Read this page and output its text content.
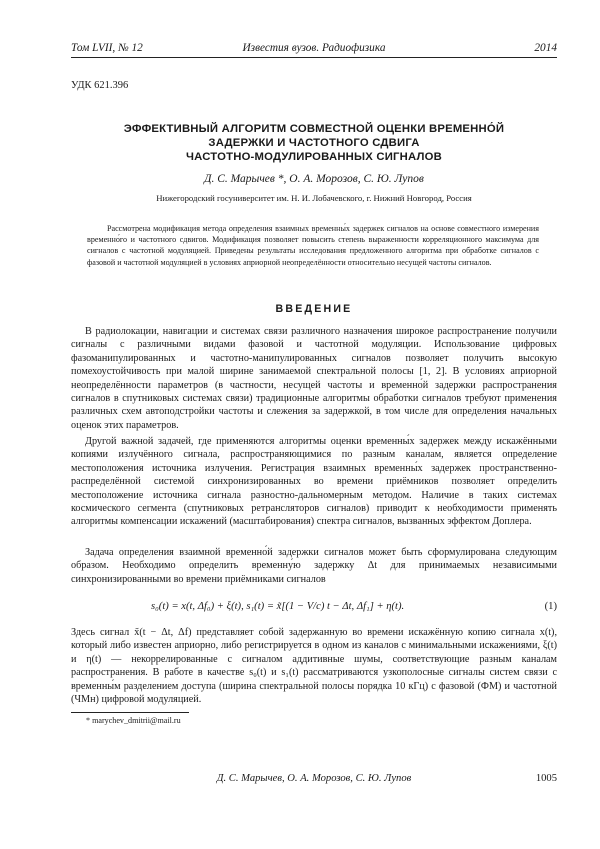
Том LVII, № 12	Известия вузов. Радиофизика	2014
УДК 621.396
ЭФФЕКТИВНЫЙ АЛГОРИТМ СОВМЕСТНОЙ ОЦЕНКИ ВРЕМЕННО́Й
ЗАДЕРЖКИ И ЧАСТОТНОГО СДВИГА
ЧАСТОТНО-МОДУЛИРОВАННЫХ СИГНАЛОВ
Д. С. Марычев *, О. А. Морозов, С. Ю. Лупов
Нижегородский госуниверситет им. Н. И. Лобачевского, г. Нижний Новгород, Россия
Рассмотрена модификация метода определения взаимных временны́х задержек сигналов на основе совместного измерения временно́го и частотного сдвигов. Модификация позволяет повысить степень выраженности корреляционного максимума для сигналов с частотной модуляцией. Приведены результаты исследования предложенного алгоритма при обработке сигналов с фазовой и частотной модуляцией в условиях априорной неопределённости относительно несущей частоты сигналов.
ВВЕДЕНИЕ

В радиолокации, навигации и системах связи различного назначения широкое распространение получили сигналы с различными видами фазовой и частотной модуляции. Использование цифровых фазоманипулированных и частотно-манипулированных сигналов позволяет получить высокую помехоустойчивость при малой ширине занимаемой спектральной полосы [1, 2]. В условиях априорной неопределённости параметров (в частности, несущей частоты и временно́й задержки распространения сигналов в спутниковых системах связи) традиционные алгоритмы обработки сигналов требуют применения различных схем автоподстройки частоты и слежения за задержкой, в том числе для определения начальных оценок этих параметров.

Другой важной задачей, где применяются алгоритмы оценки временны́х задержек между искажёнными копиями излучённого сигнала, распространяющимися по разным каналам, является определение местоположения источника излучения. Регистрация взаимных временны́х задержек пространственно-распределённой системой синхронизированных во времени приёмников позволяет определить местоположение источника сигнала разностно-дальномерным методом. Наличие в таких системах космического сегмента (спутниковых ретрансляторов сигналов) приводит к необходимости применять алгоритмы компенсации искажений (масштабирования) спектра сигналов, вызванных эффектом Доплера.

Задача определения взаимной временно́й задержки сигналов может быть сформулирована следующим образом. Необходимо определить временну́ю задержку Δt для принимаемых независимыми синхронизированными во времени приёмниками сигналов

s₀(t) = x(t, Δf₀) + ξ(t), s₁(t) = x̃[(1 − V/c) t − Δt, Δf₁] + η(t).	(1)

Здесь сигнал x̃(t − Δt, Δf) представляет собой задержанную во времени искажённую копию сигнала x(t), который либо известен априорно, либо регистрируется в одном из каналов с минимальными искажениями, ξ(t) и η(t) — некоррелированные с сигналом аддитивные шумы, соответствующие разным каналам распространения. В работе в качестве s₀(t) и s₁(t) рассматриваются узкополосные сигналы систем связи с временны́м разделением доступа (ширина спектральной полосы порядка 10 кГц) с фазовой (ФМ) и частотной (ЧМн) цифровой модуляцией.

* marychev_dmitrii@mail.ru
Д. С. Марычев, О. А. Морозов, С. Ю. Лупов	1005
